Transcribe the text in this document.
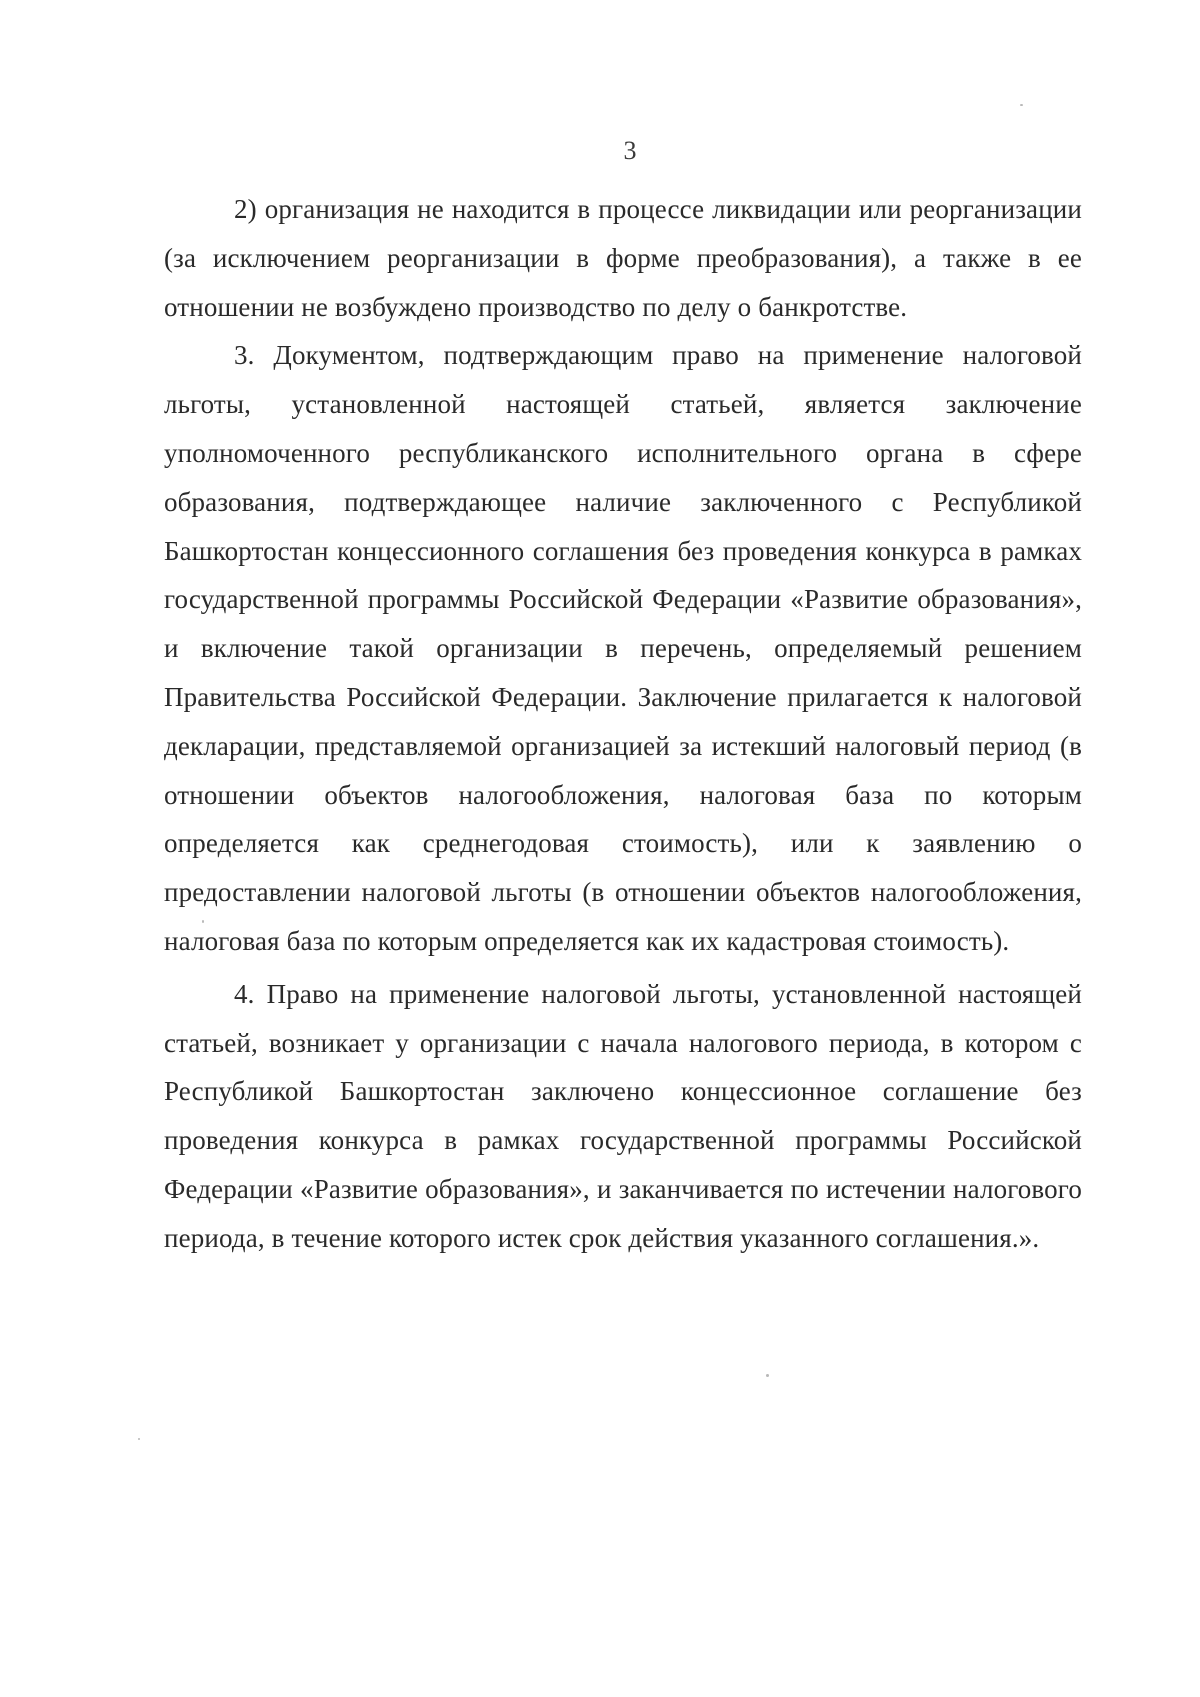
3

2) организация не находится в процессе ликвидации или реорганизации (за исключением реорганизации в форме преобразования), а также в ее отношении не возбуждено производство по делу о банкротстве.

3. Документом, подтверждающим право на применение налоговой льготы, установленной настоящей статьей, является заключение уполномоченного республиканского исполнительного органа в сфере образования, подтверждающее наличие заключенного с Республикой Башкортостан концессионного соглашения без проведения конкурса в рамках государственной программы Российской Федерации «Развитие образования», и включение такой организации в перечень, определяемый решением Правительства Российской Федерации. Заключение прилагается к налоговой декларации, представляемой организацией за истекший налоговый период (в отношении объектов налогообложения, налоговая база по которым определяется как среднегодовая стоимость), или к заявлению о предоставлении налоговой льготы (в отношении объектов налогообложения, налоговая база по которым определяется как их кадастровая стоимость).

4. Право на применение налоговой льготы, установленной настоящей статьей, возникает у организации с начала налогового периода, в котором с Республикой Башкортостан заключено концессионное соглашение без проведения конкурса в рамках государственной программы Российской Федерации «Развитие образования», и заканчивается по истечении налогового периода, в течение которого истек срок действия указанного соглашения.».
